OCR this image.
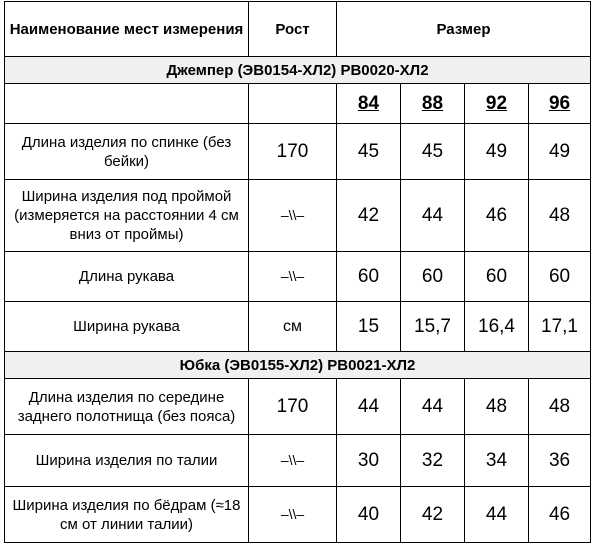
Наименование мест измерения	Рост	Размер			
Джемпер (ЭВ0154-ХЛ2) РВ0020-ХЛ2					
		84	88	92	96
Длина изделия по спинке (без бейки)	170	45	45	49	49
Ширина изделия под проймой (измеряется на расстоянии 4 см вниз от проймы)	–\\–	42	44	46	48
Длина рукава	–\\–	60	60	60	60
Ширина рукава	см	15	15,7	16,4	17,1
Юбка (ЭВ0155-ХЛ2) РВ0021-ХЛ2					
Длина изделия по середине заднего полотнища (без пояса)	170	44	44	48	48
Ширина изделия по талии	–\\–	30	32	34	36
Ширина изделия по бёдрам (≈18 см от линии талии)	–\\–	40	42	44	46
